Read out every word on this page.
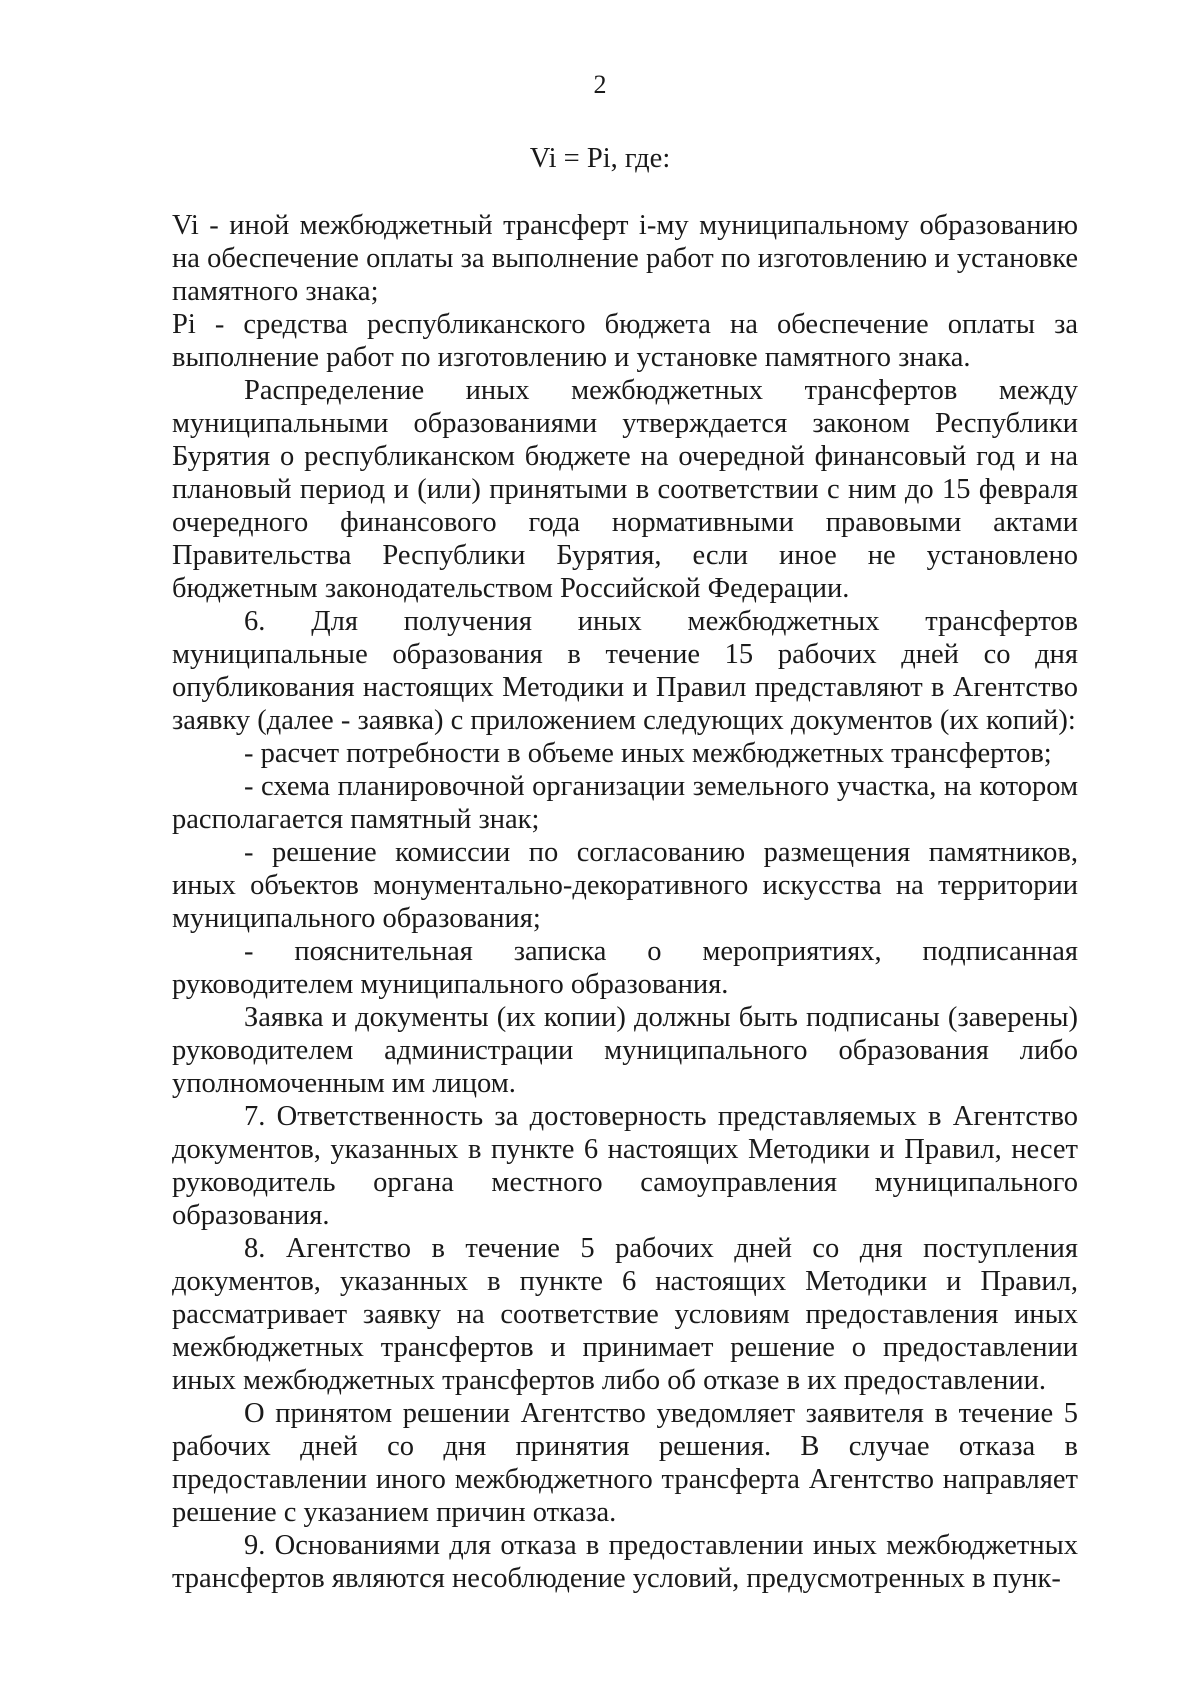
2
Vi = Pi, где:

Vi - иной межбюджетный трансферт i-му муниципальному образованию на обеспечение оплаты за выполнение работ по изготовлению и установке памятного знака;

Pi - средства республиканского бюджета на обеспечение оплаты за выполнение работ по изготовлению и установке памятного знака.

Распределение иных межбюджетных трансфертов между муниципальными образованиями утверждается законом Республики Бурятия о республиканском бюджете на очередной финансовый год и на плановый период и (или) принятыми в соответствии с ним до 15 февраля очередного финансового года нормативными правовыми актами Правительства Республики Бурятия, если иное не установлено бюджетным законодательством Российской Федерации.

6. Для получения иных межбюджетных трансфертов муниципальные образования в течение 15 рабочих дней со дня опубликования настоящих Методики и Правил представляют в Агентство заявку (далее - заявка) с приложением следующих документов (их копий):

- расчет потребности в объеме иных межбюджетных трансфертов;

- схема планировочной организации земельного участка, на котором располагается памятный знак;

- решение комиссии по согласованию размещения памятников, иных объектов монументально-декоративного искусства на территории муниципального образования;

- пояснительная записка о мероприятиях, подписанная руководителем муниципального образования.

Заявка и документы (их копии) должны быть подписаны (заверены) руководителем администрации муниципального образования либо уполномоченным им лицом.

7. Ответственность за достоверность представляемых в Агентство документов, указанных в пункте 6 настоящих Методики и Правил, несет руководитель органа местного самоуправления муниципального образования.

8. Агентство в течение 5 рабочих дней со дня поступления документов, указанных в пункте 6 настоящих Методики и Правил, рассматривает заявку на соответствие условиям предоставления иных межбюджетных трансфертов и принимает решение о предоставлении иных межбюджетных трансфертов либо об отказе в их предоставлении.

О принятом решении Агентство уведомляет заявителя в течение 5 рабочих дней со дня принятия решения. В случае отказа в предоставлении иного межбюджетного трансферта Агентство направляет решение с указанием причин отказа.

9. Основаниями для отказа в предоставлении иных межбюджетных трансфертов являются несоблюдение условий, предусмотренных в пунк-
